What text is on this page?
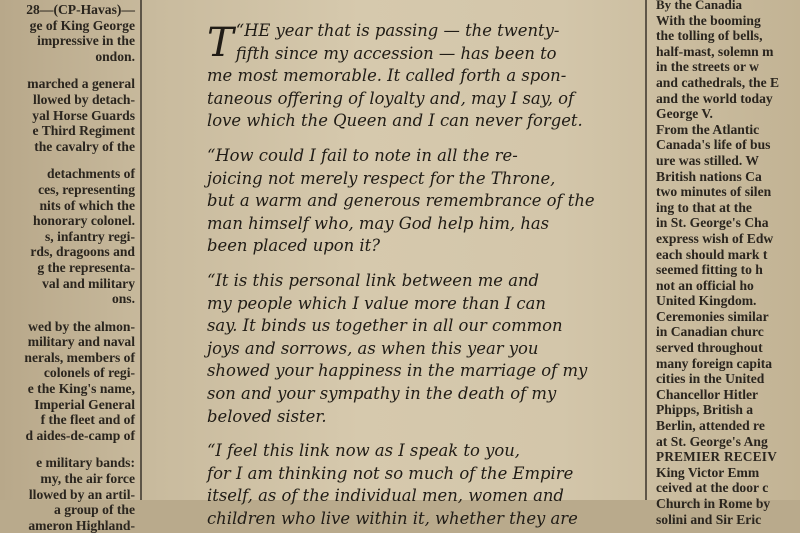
28—(CP-Havas)—
ge of King George
impressive in the
ondon.
marched a general
llowed by detach-
yal Horse Guards
e Third Regiment
the cavalry of the
detachments of
ces, representing
nits of which the
honorary colonel.
s, infantry regi-
rds, dragoons and
g the representa-
val and military
ons.
wed by the almon-
military and naval
nerals, members of
colonels of regi-
e the King's name,
Imperial General
f the fleet and of
d aides-de-camp of
e military bands:
my, the air force
llowed by an artil-
a group of the
ameron Highland-
“
T HE year that is passing — the twenty-
fifth since my accession — has been to
me most memorable. It called forth a spon-
taneous offering of loyalty and, may I say, of
love which the Queen and I can never forget.
“How could I fail to note in all the re-
joicing not merely respect for the Throne,
but a warm and generous remembrance of the
man himself who, may God help him, has
been placed upon it?
“It is this personal link between me and
my people which I value more than I can
say. It binds us together in all our common
joys and sorrows, as when this year you
showed your happiness in the marriage of my
son and your sympathy in the death of my
beloved sister.
“I feel this link now as I speak to you,
for I am thinking not so much of the Empire
itself, as of the individual men, women and
children who live within it, whether they are
By the Canadia
With the booming
the tolling of bells,
half-mast, solemn m
in the streets or w
and cathedrals, the E
and the world today
George V.
From the Atlantic
Canada's life of bus
ure was stilled. W
British nations Ca
two minutes of silen
ing to that at the
in St. George's Cha
express wish of Edw
each should mark t
seemed fitting to h
not an official ho
United Kingdom.
Ceremonies similar
in Canadian churc
served throughout
many foreign capita
cities in the United
Chancellor Hitler
Phipps, British a
Berlin, attended re
at St. George's Ang
PREMIER RECEIV
King Victor Emm
ceived at the door c
Church in Rome by
solini and Sir Eric
